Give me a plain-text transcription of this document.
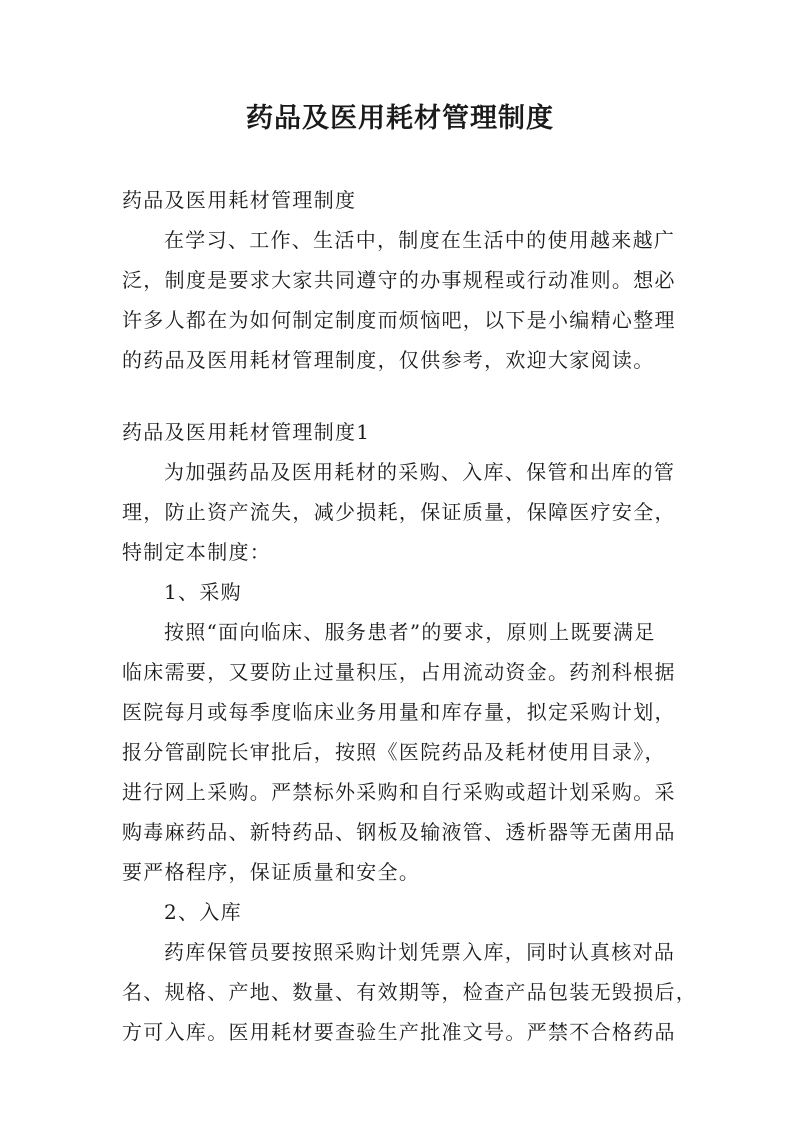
药品及医用耗材管理制度
药品及医用耗材管理制度
在学习、工作、生活中，制度在生活中的使用越来越广
泛，制度是要求大家共同遵守的办事规程或行动准则。想必
许多人都在为如何制定制度而烦恼吧，以下是小编精心整理
的药品及医用耗材管理制度，仅供参考，欢迎大家阅读。
药品及医用耗材管理制度1
为加强药品及医用耗材的采购、入库、保管和出库的管
理，防止资产流失，减少损耗，保证质量，保障医疗安全，
特制定本制度：
1、采购
按照“面向临床、服务患者”的要求，原则上既要满足
临床需要，又要防止过量积压，占用流动资金。药剂科根据
医院每月或每季度临床业务用量和库存量，拟定采购计划，
报分管副院长审批后，按照《医院药品及耗材使用目录》，
进行网上采购。严禁标外采购和自行采购或超计划采购。采
购毒麻药品、新特药品、钢板及输液管、透析器等无菌用品
要严格程序，保证质量和安全。
2、入库
药库保管员要按照采购计划凭票入库，同时认真核对品
名、规格、产地、数量、有效期等，检查产品包装无毁损后，
方可入库。医用耗材要查验生产批准文号。严禁不合格药品
